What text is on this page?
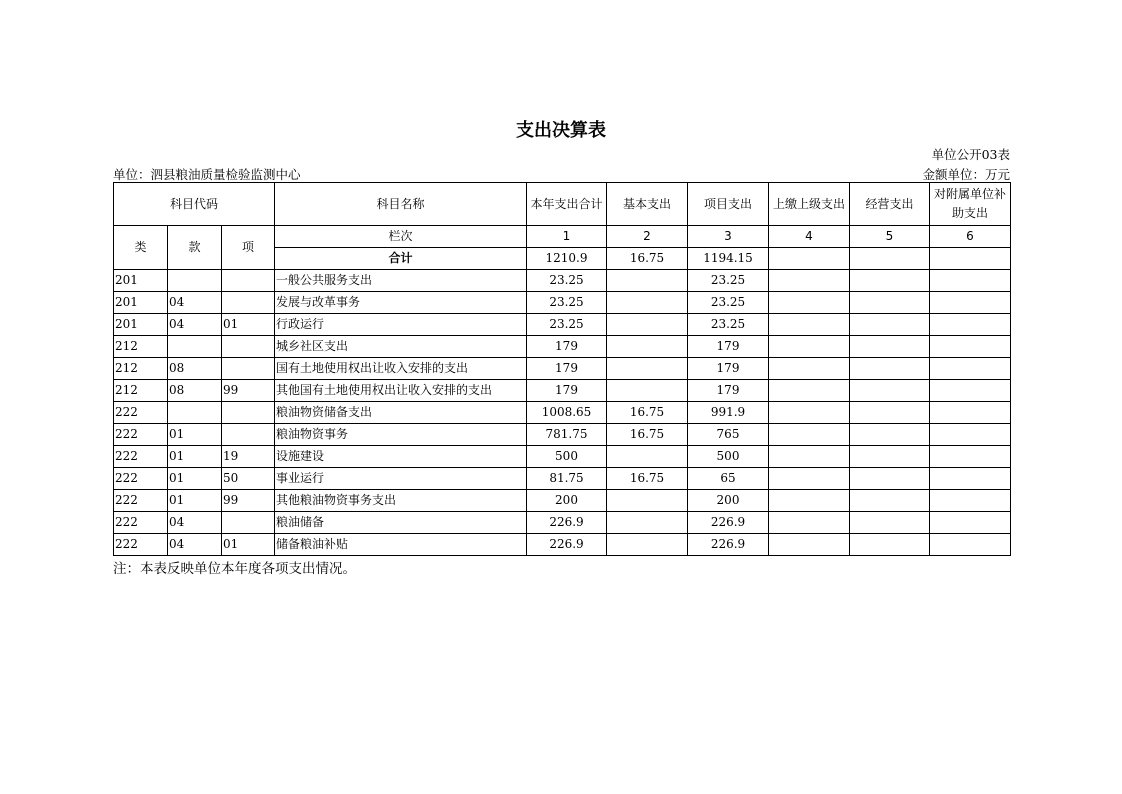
支出决算表
单位公开03表
单位：泗县粮油质量检验监测中心	金额单位：万元
科目代码			科目名称	本年支出合计	基本支出	项目支出	上缴上级支出	经营支出	对附属单位补助支出
类	款	项	栏次	1	2	3	4	5	6
			合计	1210.9	16.75	1194.15			
201			一般公共服务支出	23.25		23.25			
201	04		发展与改革事务	23.25		23.25			
201	04	01	行政运行	23.25		23.25			
212			城乡社区支出	179		179			
212	08		国有土地使用权出让收入安排的支出	179		179			
212	08	99	其他国有土地使用权出让收入安排的支出	179		179			
222			粮油物资储备支出	1008.65	16.75	991.9			
222	01		粮油物资事务	781.75	16.75	765			
222	01	19	设施建设	500		500			
222	01	50	事业运行	81.75	16.75	65			
222	01	99	其他粮油物资事务支出	200		200			
222	04		粮油储备	226.9		226.9			
222	04	01	储备粮油补贴	226.9		226.9			
注：本表反映单位本年度各项支出情况。
